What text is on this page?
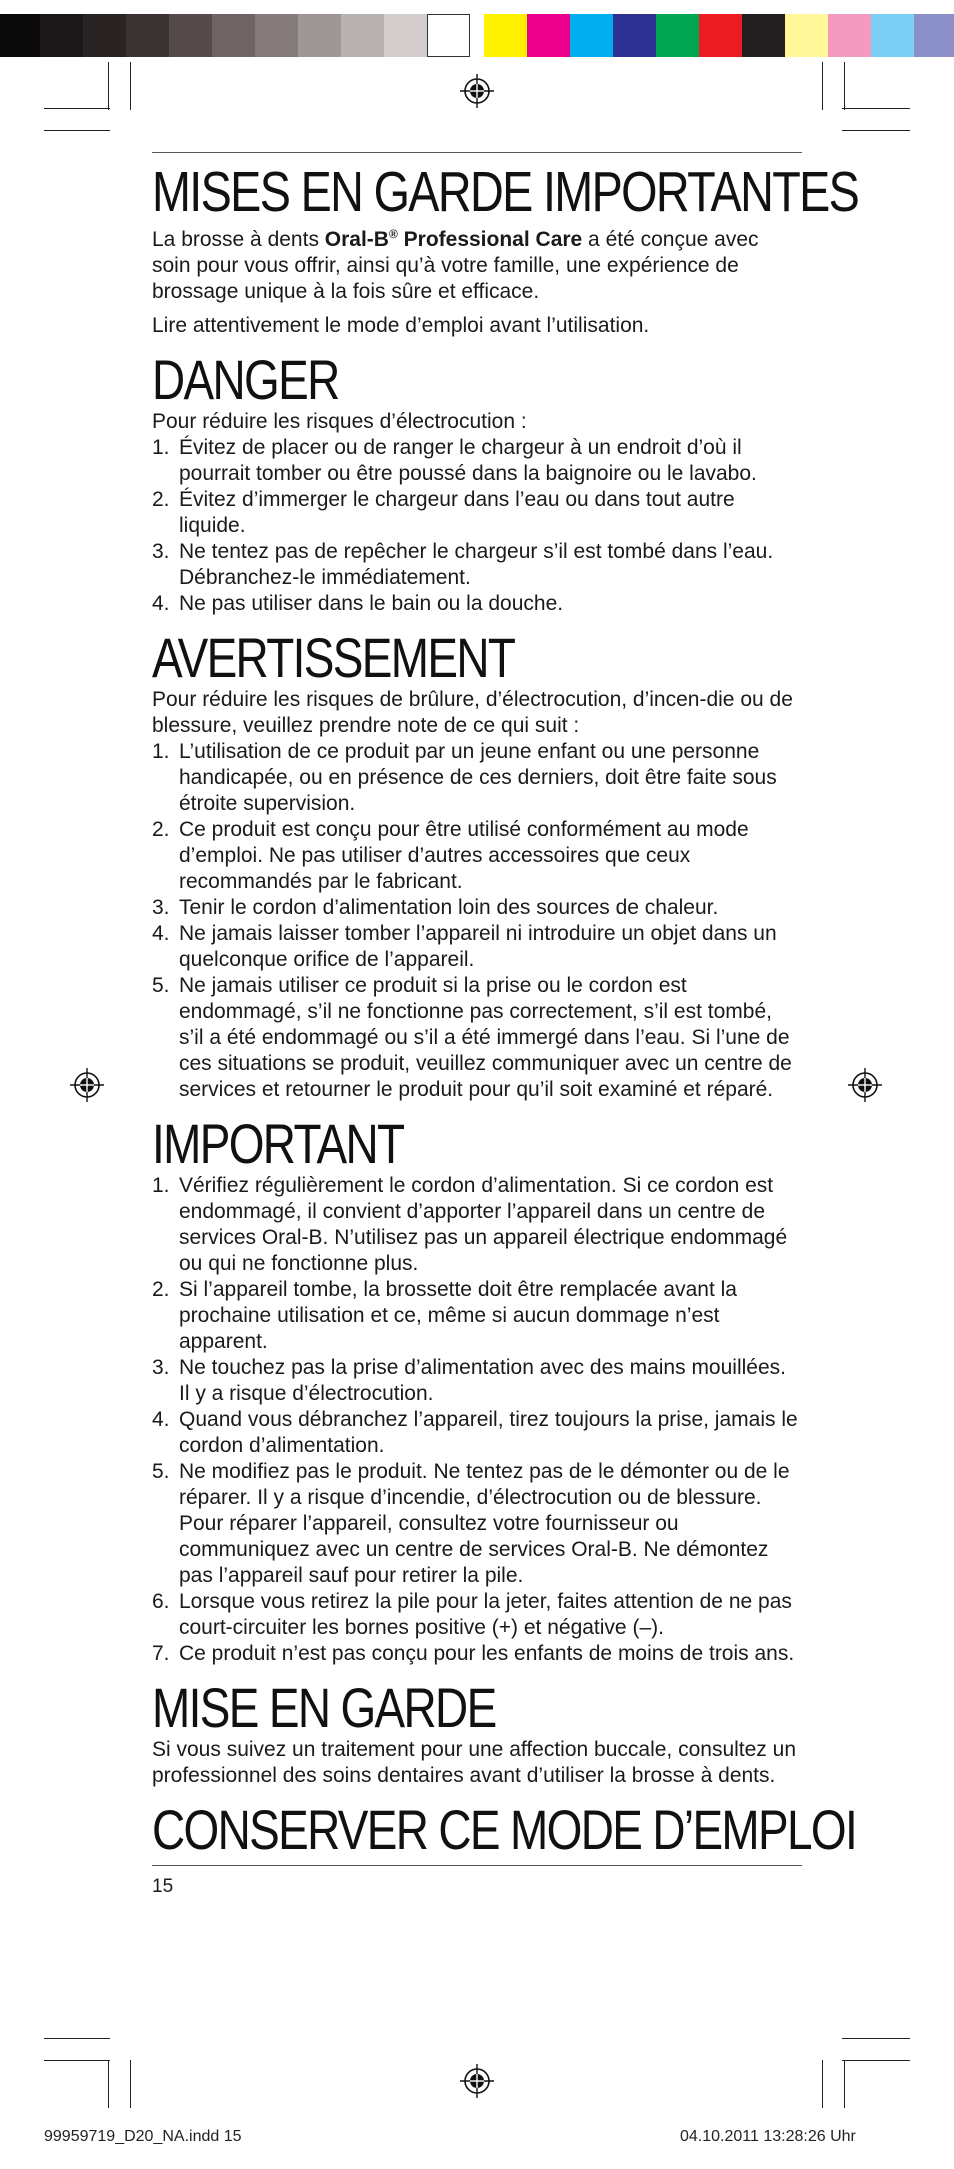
MISES EN GARDE IMPORTANTES

La brosse à dents Oral-B® Professional Care a été conçue avec soin pour vous offrir, ainsi qu’à votre famille, une expérience de brossage unique à la fois sûre et efficace.

Lire attentivement le mode d’emploi avant l’utilisation.

DANGER

Pour réduire les risques d’électrocution :

1. Évitez de placer ou de ranger le chargeur à un endroit d’où il pourrait tomber ou être poussé dans la baignoire ou le lavabo.
2. Évitez d’immerger le chargeur dans l’eau ou dans tout autre liquide.
3. Ne tentez pas de repêcher le chargeur s’il est tombé dans l’eau. Débranchez-le immédiatement.
4. Ne pas utiliser dans le bain ou la douche.
AVERTISSEMENT

Pour réduire les risques de brûlure, d’électrocution, d’incen-die ou de blessure, veuillez prendre note de ce qui suit :

1. L’utilisation de ce produit par un jeune enfant ou une personne handicapée, ou en présence de ces derniers, doit être faite sous étroite supervision.
2. Ce produit est conçu pour être utilisé conformément au mode d’emploi. Ne pas utiliser d’autres accessoires que ceux recommandés par le fabricant.
3. Tenir le cordon d’alimentation loin des sources de chaleur.
4. Ne jamais laisser tomber l’appareil ni introduire un objet dans un quelconque orifice de l’appareil.
5. Ne jamais utiliser ce produit si la prise ou le cordon est endommagé, s’il ne fonctionne pas correctement, s’il est tombé, s’il a été endommagé ou s’il a été immergé dans l’eau. Si l’une de ces situations se produit, veuillez communiquer avec un centre de services et retourner le produit pour qu’il soit examiné et réparé.
IMPORTANT
1. Vérifiez régulièrement le cordon d’alimentation. Si ce cordon est endommagé, il convient d’apporter l’appareil dans un centre de services Oral-B. N’utilisez pas un appareil électrique endommagé ou qui ne fonctionne plus.
2. Si l’appareil tombe, la brossette doit être remplacée avant la prochaine utilisation et ce, même si aucun dommage n’est apparent.
3. Ne touchez pas la prise d’alimentation avec des mains mouillées. Il y a risque d’électrocution.
4. Quand vous débranchez l’appareil, tirez toujours la prise, jamais le cordon d’alimentation.
5. Ne modifiez pas le produit. Ne tentez pas de le démonter ou de le réparer. Il y a risque d’incendie, d’électrocution ou de blessure. Pour réparer l’appareil, consultez votre fournisseur ou communiquez avec un centre de services Oral-B. Ne démontez pas l’appareil sauf pour retirer la pile.
6. Lorsque vous retirez la pile pour la jeter, faites attention de ne pas court-circuiter les bornes positive (+) et négative (–).
7. Ce produit n’est pas conçu pour les enfants de moins de trois ans.
MISE EN GARDE

Si vous suivez un traitement pour une affection buccale, consultez un professionnel des soins dentaires avant d’utiliser la brosse à dents.

CONSERVER CE MODE D’EMPLOI

15

99959719_D20_NA.indd 15	04.10.2011 13:28:26 Uhr
